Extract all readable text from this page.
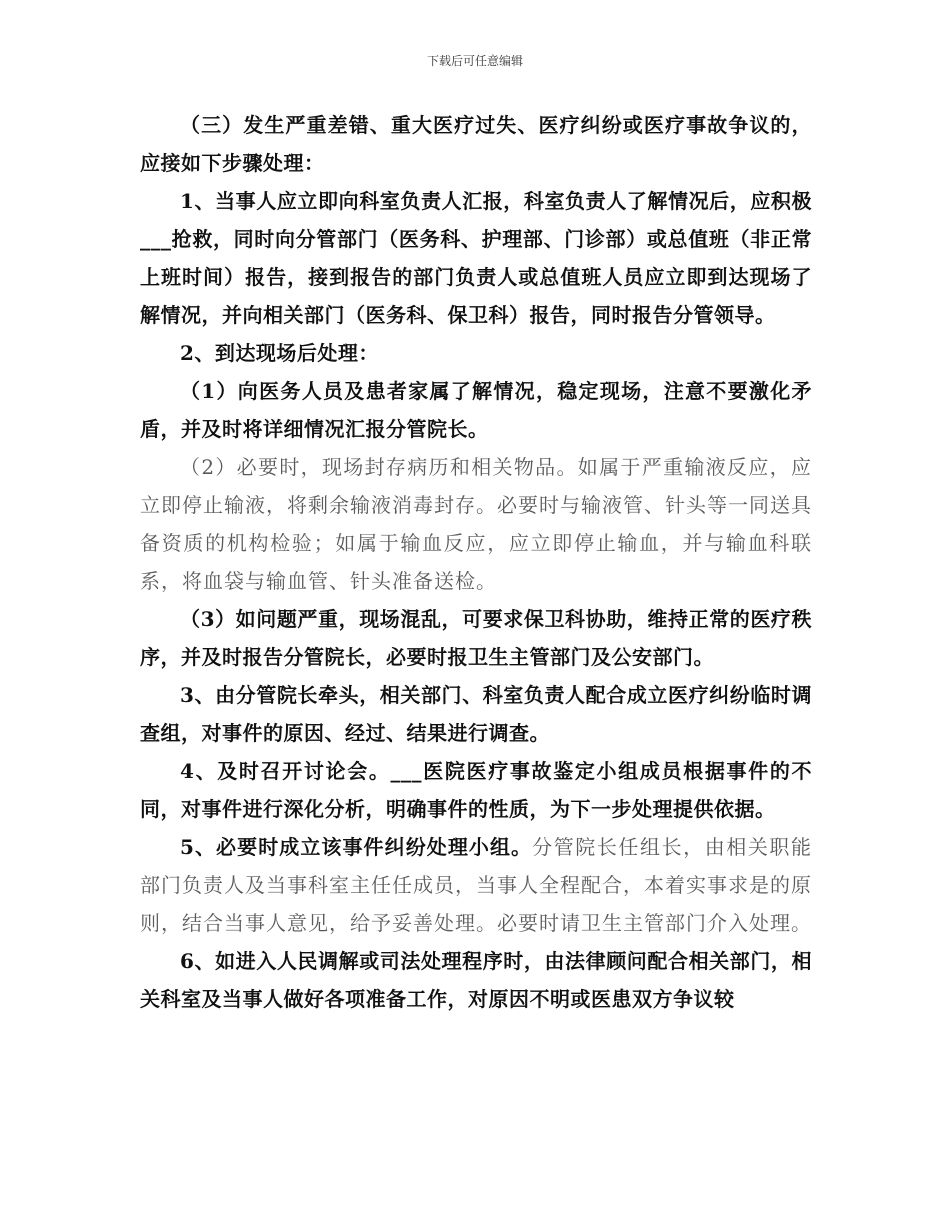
下载后可任意编辑

（三）发生严重差错、重大医疗过失、医疗纠纷或医疗事故争议的，应接如下步骤处理：

1、当事人应立即向科室负责人汇报，科室负责人了解情况后，应积极___抢救，同时向分管部门（医务科、护理部、门诊部）或总值班（非正常上班时间）报告，接到报告的部门负责人或总值班人员应立即到达现场了解情况，并向相关部门（医务科、保卫科）报告，同时报告分管领导。

2、到达现场后处理：

（1）向医务人员及患者家属了解情况，稳定现场，注意不要激化矛盾，并及时将详细情况汇报分管院长。

（2）必要时，现场封存病历和相关物品。如属于严重输液反应，应立即停止输液，将剩余输液消毒封存。必要时与输液管、针头等一同送具备资质的机构检验；如属于输血反应，应立即停止输血，并与输血科联系，将血袋与输血管、针头准备送检。

（3）如问题严重，现场混乱，可要求保卫科协助，维持正常的医疗秩序，并及时报告分管院长，必要时报卫生主管部门及公安部门。

3、由分管院长牵头，相关部门、科室负责人配合成立医疗纠纷临时调查组，对事件的原因、经过、结果进行调查。

4、及时召开讨论会。___医院医疗事故鉴定小组成员根据事件的不同，对事件进行深化分析，明确事件的性质，为下一步处理提供依据。

5、必要时成立该事件纠纷处理小组。分管院长任组长，由相关职能部门负责人及当事科室主任任成员，当事人全程配合，本着实事求是的原则，结合当事人意见，给予妥善处理。必要时请卫生主管部门介入处理。

6、如进入人民调解或司法处理程序时，由法律顾问配合相关部门，相关科室及当事人做好各项准备工作，对原因不明或医患双方争议较
